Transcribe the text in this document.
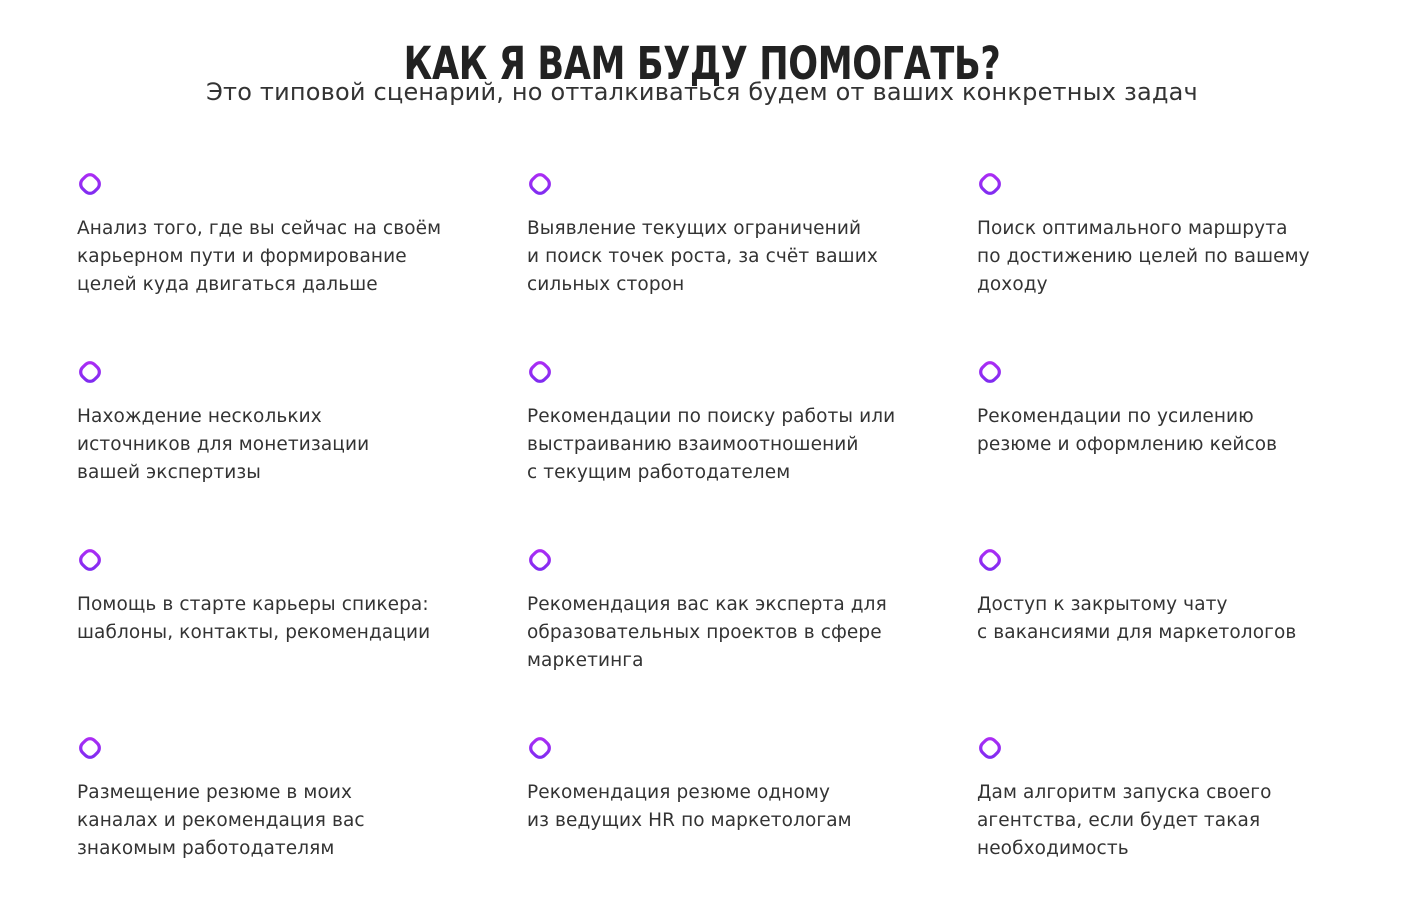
КАК Я ВАМ БУДУ ПОМОГАТЬ?
Это типовой сценарий, но отталкиваться будем от ваших конкретных задач
Анализ того, где вы сейчас на своём
карьерном пути и формирование
целей куда двигаться дальше
Выявление текущих ограничений
и поиск точек роста, за счёт ваших
сильных сторон
Поиск оптимального маршрута
по достижению целей по вашему
доходу
Нахождение нескольких
источников для монетизации
вашей экспертизы
Рекомендации по поиску работы или
выстраиванию взаимоотношений
с текущим работодателем
Рекомендации по усилению
резюме и оформлению кейсов
Помощь в старте карьеры спикера:
шаблоны, контакты, рекомендации
Рекомендация вас как эксперта для
образовательных проектов в сфере
маркетинга
Доступ к закрытому чату
с вакансиями для маркетологов
Размещение резюме в моих
каналах и рекомендация вас
знакомым работодателям
Рекомендация резюме одному
из ведущих HR по маркетологам
Дам алгоритм запуска своего
агентства, если будет такая
необходимость
